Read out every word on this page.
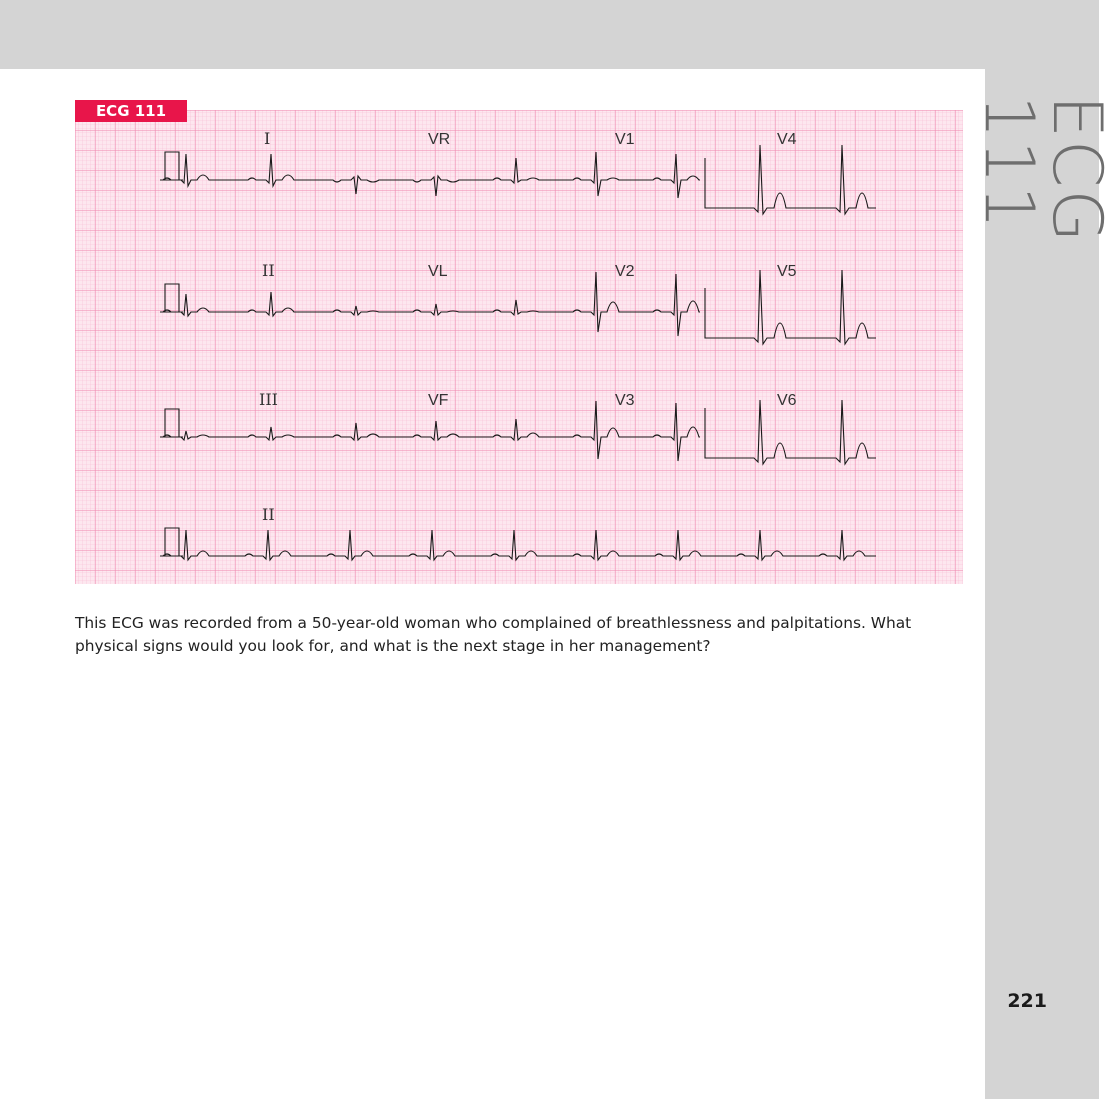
ECG 111
221
I	VR	V1	V4
II	VL	V2	V5
III	VF	V3	V6
II
ECG 111

This ECG was recorded from a 50-year-old woman who complained of breathlessness and palpitations. What physical signs would you look for, and what is the next stage in her management?
